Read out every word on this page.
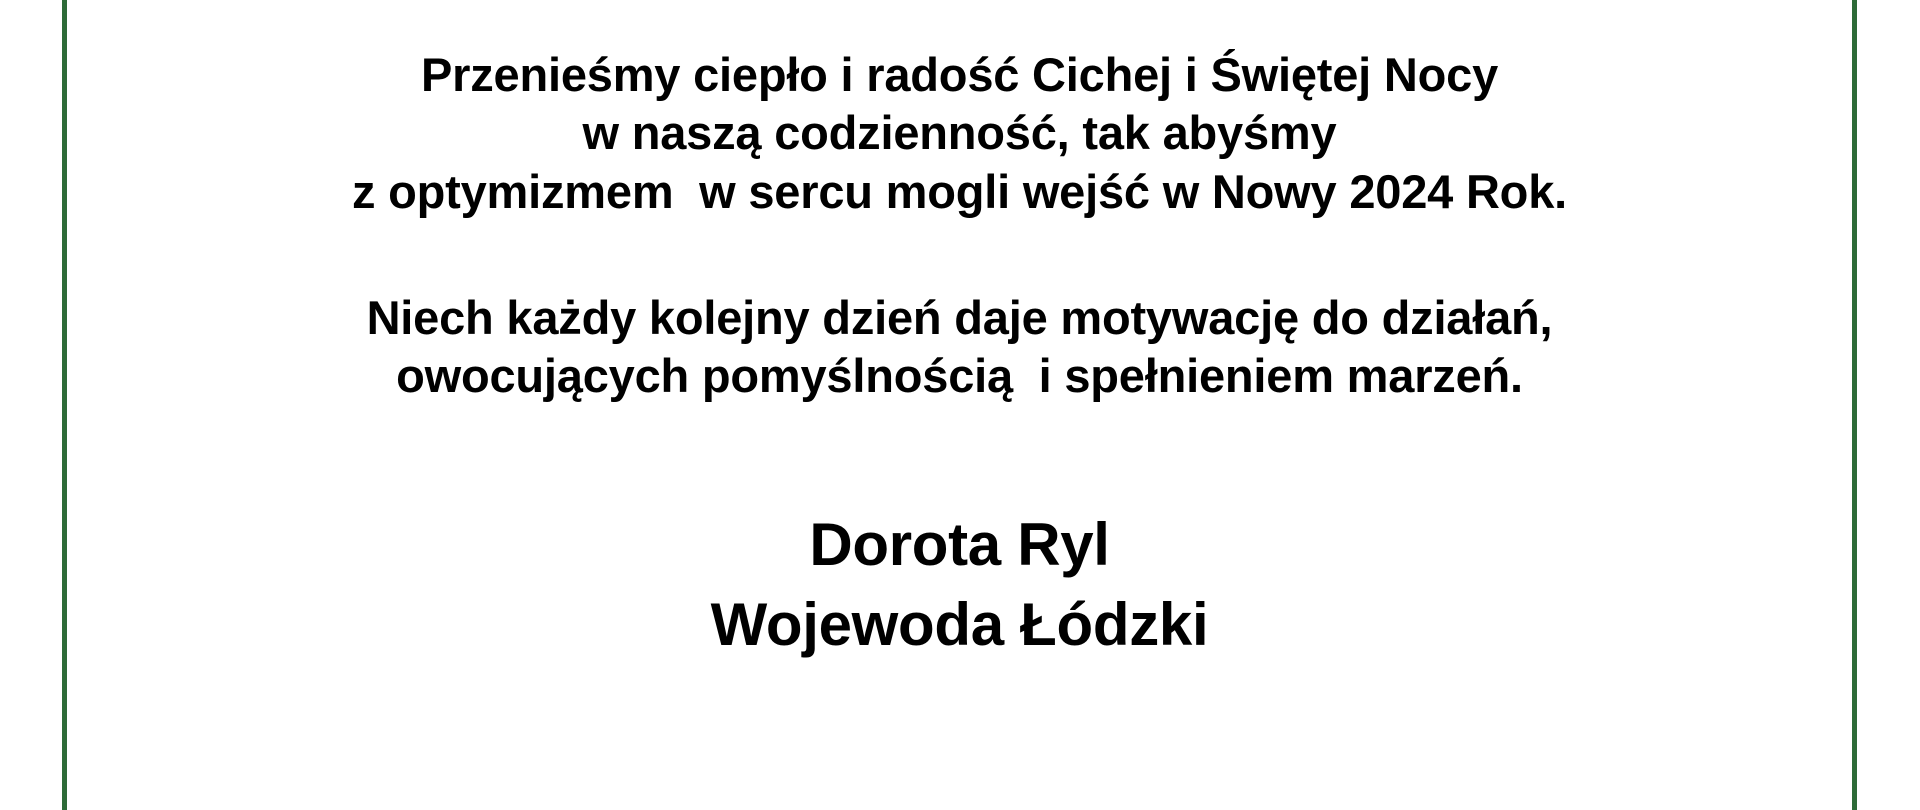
Przenieśmy ciepło i radość Cichej i Świętej Nocy
w naszą codzienność, tak abyśmy
z optymizmem  w sercu mogli wejść w Nowy 2024 Rok.
Niech każdy kolejny dzień daje motywację do działań,
owocujących pomyślnością  i spełnieniem marzeń.
Dorota Ryl
Wojewoda Łódzki
